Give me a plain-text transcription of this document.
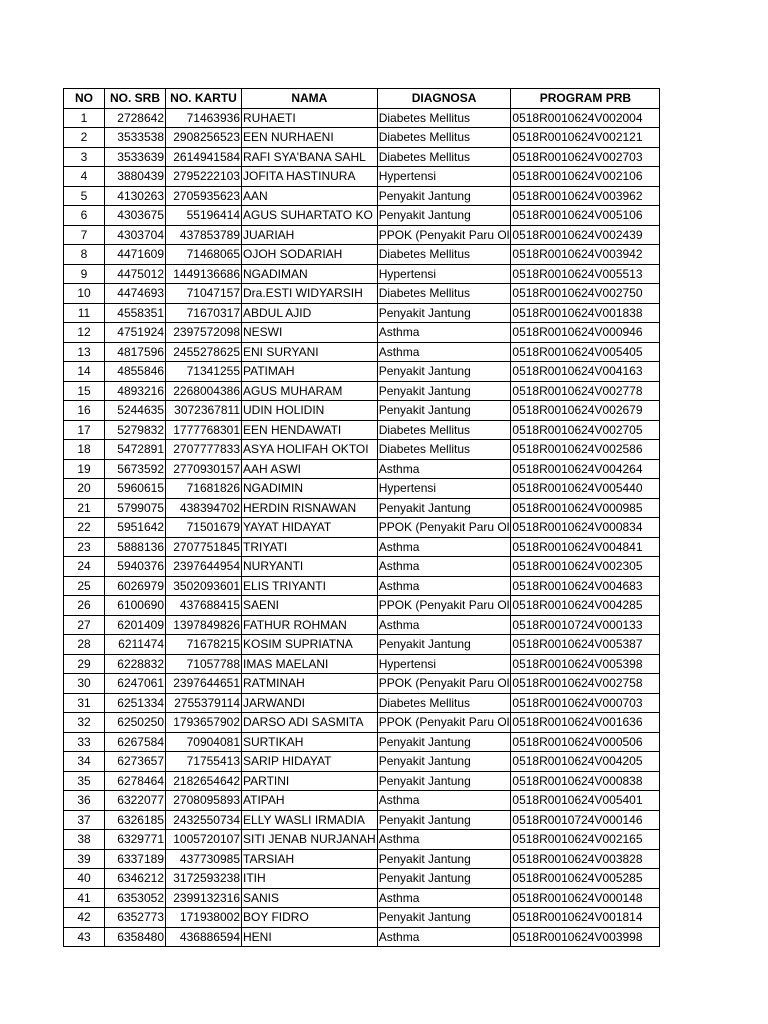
NO	NO. SRB	NO. KARTU	NAMA	DIAGNOSA	PROGRAM PRB
1	2728642	71463936	RUHAETI	Diabetes Mellitus	0518R0010624V002004
2	3533538	2908256523	EEN NURHAENI	Diabetes Mellitus	0518R0010624V002121
3	3533639	2614941584	RAFI SYA'BANA SAHL	Diabetes Mellitus	0518R0010624V002703
4	3880439	2795222103	JOFITA HASTINURA	Hypertensi	0518R0010624V002106
5	4130263	2705935623	AAN	Penyakit Jantung	0518R0010624V003962
6	4303675	55196414	AGUS SUHARTATO KO	Penyakit Jantung	0518R0010624V005106
7	4303704	437853789	JUARIAH	PPOK (Penyakit Paru Ol	0518R0010624V002439
8	4471609	71468065	OJOH SODARIAH	Diabetes Mellitus	0518R0010624V003942
9	4475012	1449136686	NGADIMAN	Hypertensi	0518R0010624V005513
10	4474693	71047157	Dra.ESTI WIDYARSIH	Diabetes Mellitus	0518R0010624V002750
11	4558351	71670317	ABDUL AJID	Penyakit Jantung	0518R0010624V001838
12	4751924	2397572098	NESWI	Asthma	0518R0010624V000946
13	4817596	2455278625	ENI SURYANI	Asthma	0518R0010624V005405
14	4855846	71341255	PATIMAH	Penyakit Jantung	0518R0010624V004163
15	4893216	2268004386	AGUS MUHARAM	Penyakit Jantung	0518R0010624V002778
16	5244635	3072367811	UDIN HOLIDIN	Penyakit Jantung	0518R0010624V002679
17	5279832	1777768301	EEN HENDAWATI	Diabetes Mellitus	0518R0010624V002705
18	5472891	2707777833	ASYA HOLIFAH OKTOI	Diabetes Mellitus	0518R0010624V002586
19	5673592	2770930157	AAH ASWI	Asthma	0518R0010624V004264
20	5960615	71681826	NGADIMIN	Hypertensi	0518R0010624V005440
21	5799075	438394702	HERDIN RISNAWAN	Penyakit Jantung	0518R0010624V000985
22	5951642	71501679	YAYAT HIDAYAT	PPOK (Penyakit Paru Ol	0518R0010624V000834
23	5888136	2707751845	TRIYATI	Asthma	0518R0010624V004841
24	5940376	2397644954	NURYANTI	Asthma	0518R0010624V002305
25	6026979	3502093601	ELIS TRIYANTI	Asthma	0518R0010624V004683
26	6100690	437688415	SAENI	PPOK (Penyakit Paru Ol	0518R0010624V004285
27	6201409	1397849826	FATHUR ROHMAN	Asthma	0518R0010724V000133
28	6211474	71678215	KOSIM SUPRIATNA	Penyakit Jantung	0518R0010624V005387
29	6228832	71057788	IMAS MAELANI	Hypertensi	0518R0010624V005398
30	6247061	2397644651	RATMINAH	PPOK (Penyakit Paru Ol	0518R0010624V002758
31	6251334	2755379114	JARWANDI	Diabetes Mellitus	0518R0010624V000703
32	6250250	1793657902	DARSO ADI SASMITA	PPOK (Penyakit Paru Ol	0518R0010624V001636
33	6267584	70904081	SURTIKAH	Penyakit Jantung	0518R0010624V000506
34	6273657	71755413	SARIP HIDAYAT	Penyakit Jantung	0518R0010624V004205
35	6278464	2182654642	PARTINI	Penyakit Jantung	0518R0010624V000838
36	6322077	2708095893	ATIPAH	Asthma	0518R0010624V005401
37	6326185	2432550734	ELLY WASLI IRMADIA	Penyakit Jantung	0518R0010724V000146
38	6329771	1005720107	SITI JENAB NURJANAH	Asthma	0518R0010624V002165
39	6337189	437730985	TARSIAH	Penyakit Jantung	0518R0010624V003828
40	6346212	3172593238	ITIH	Penyakit Jantung	0518R0010624V005285
41	6353052	2399132316	SANIS	Asthma	0518R0010624V000148
42	6352773	171938002	BOY FIDRO	Penyakit Jantung	0518R0010624V001814
43	6358480	436886594	HENI	Asthma	0518R0010624V003998
